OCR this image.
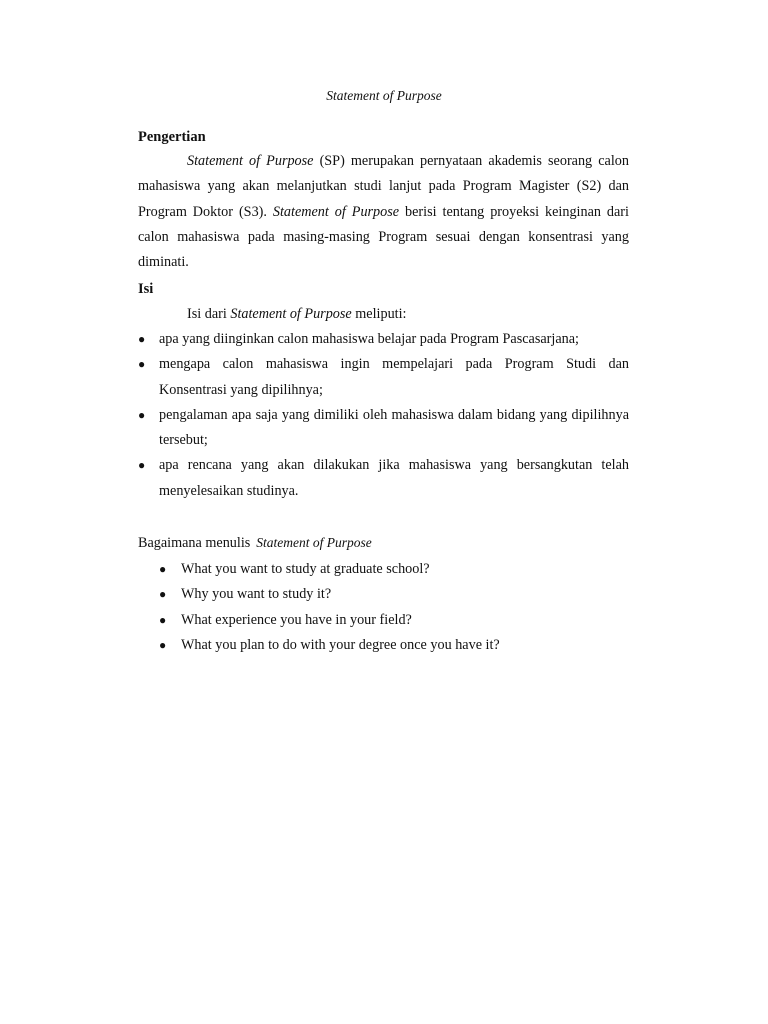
Statement of Purpose
Pengertian

Statement of Purpose (SP) merupakan pernyataan akademis seorang calon mahasiswa yang akan melanjutkan studi lanjut pada Program Magister (S2) dan Program Doktor (S3). Statement of Purpose berisi tentang proyeksi keinginan dari calon mahasiswa pada masing-masing Program sesuai dengan konsentrasi yang diminati.

Isi
Isi dari Statement of Purpose meliputi:
● apa yang diinginkan calon mahasiswa belajar pada Program Pascasarjana;
● mengapa calon mahasiswa ingin mempelajari pada Program Studi dan Konsentrasi yang dipilihnya;
● pengalaman apa saja yang dimiliki oleh mahasiswa dalam bidang yang dipilihnya tersebut;
● apa rencana yang akan dilakukan jika mahasiswa yang bersangkutan telah menyelesaikan studinya.
Bagaimana menulis Statement of Purpose
● What you want to study at graduate school?
● Why you want to study it?
● What experience you have in your field?
● What you plan to do with your degree once you have it?
